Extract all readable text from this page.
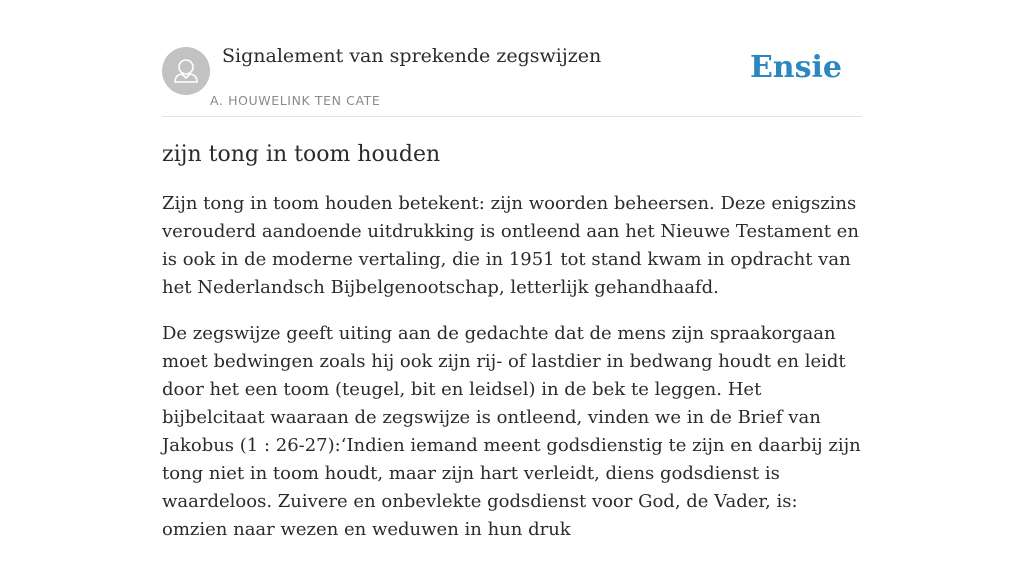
Signalement van sprekende zegswijzen
A. HOUWELINK TEN CATE
Ensie
zijn tong in toom houden

Zijn tong in toom houden betekent: zijn woorden beheersen. Deze enigszins verouderd aandoende uitdrukking is ontleend aan het Nieuwe Testament en is ook in de moderne vertaling, die in 1951 tot stand kwam in opdracht van het Nederlandsch Bijbelgenootschap, letterlijk gehandhaafd.

De zegswijze geeft uiting aan de gedachte dat de mens zijn spraakorgaan moet bedwingen zoals hij ook zijn rij- of lastdier in bedwang houdt en leidt door het een toom (teugel, bit en leidsel) in de bek te leggen. Het bijbelcitaat waaraan de zegswijze is ontleend, vinden we in de Brief van Jakobus (1 : 26-27):‘Indien iemand meent godsdienstig te zijn en daarbij zijn tong niet in toom houdt, maar zijn hart verleidt, diens godsdienst is waardeloos. Zuivere en onbevlekte godsdienst voor God, de Vader, is: omzien naar wezen en weduwen in hun druk
